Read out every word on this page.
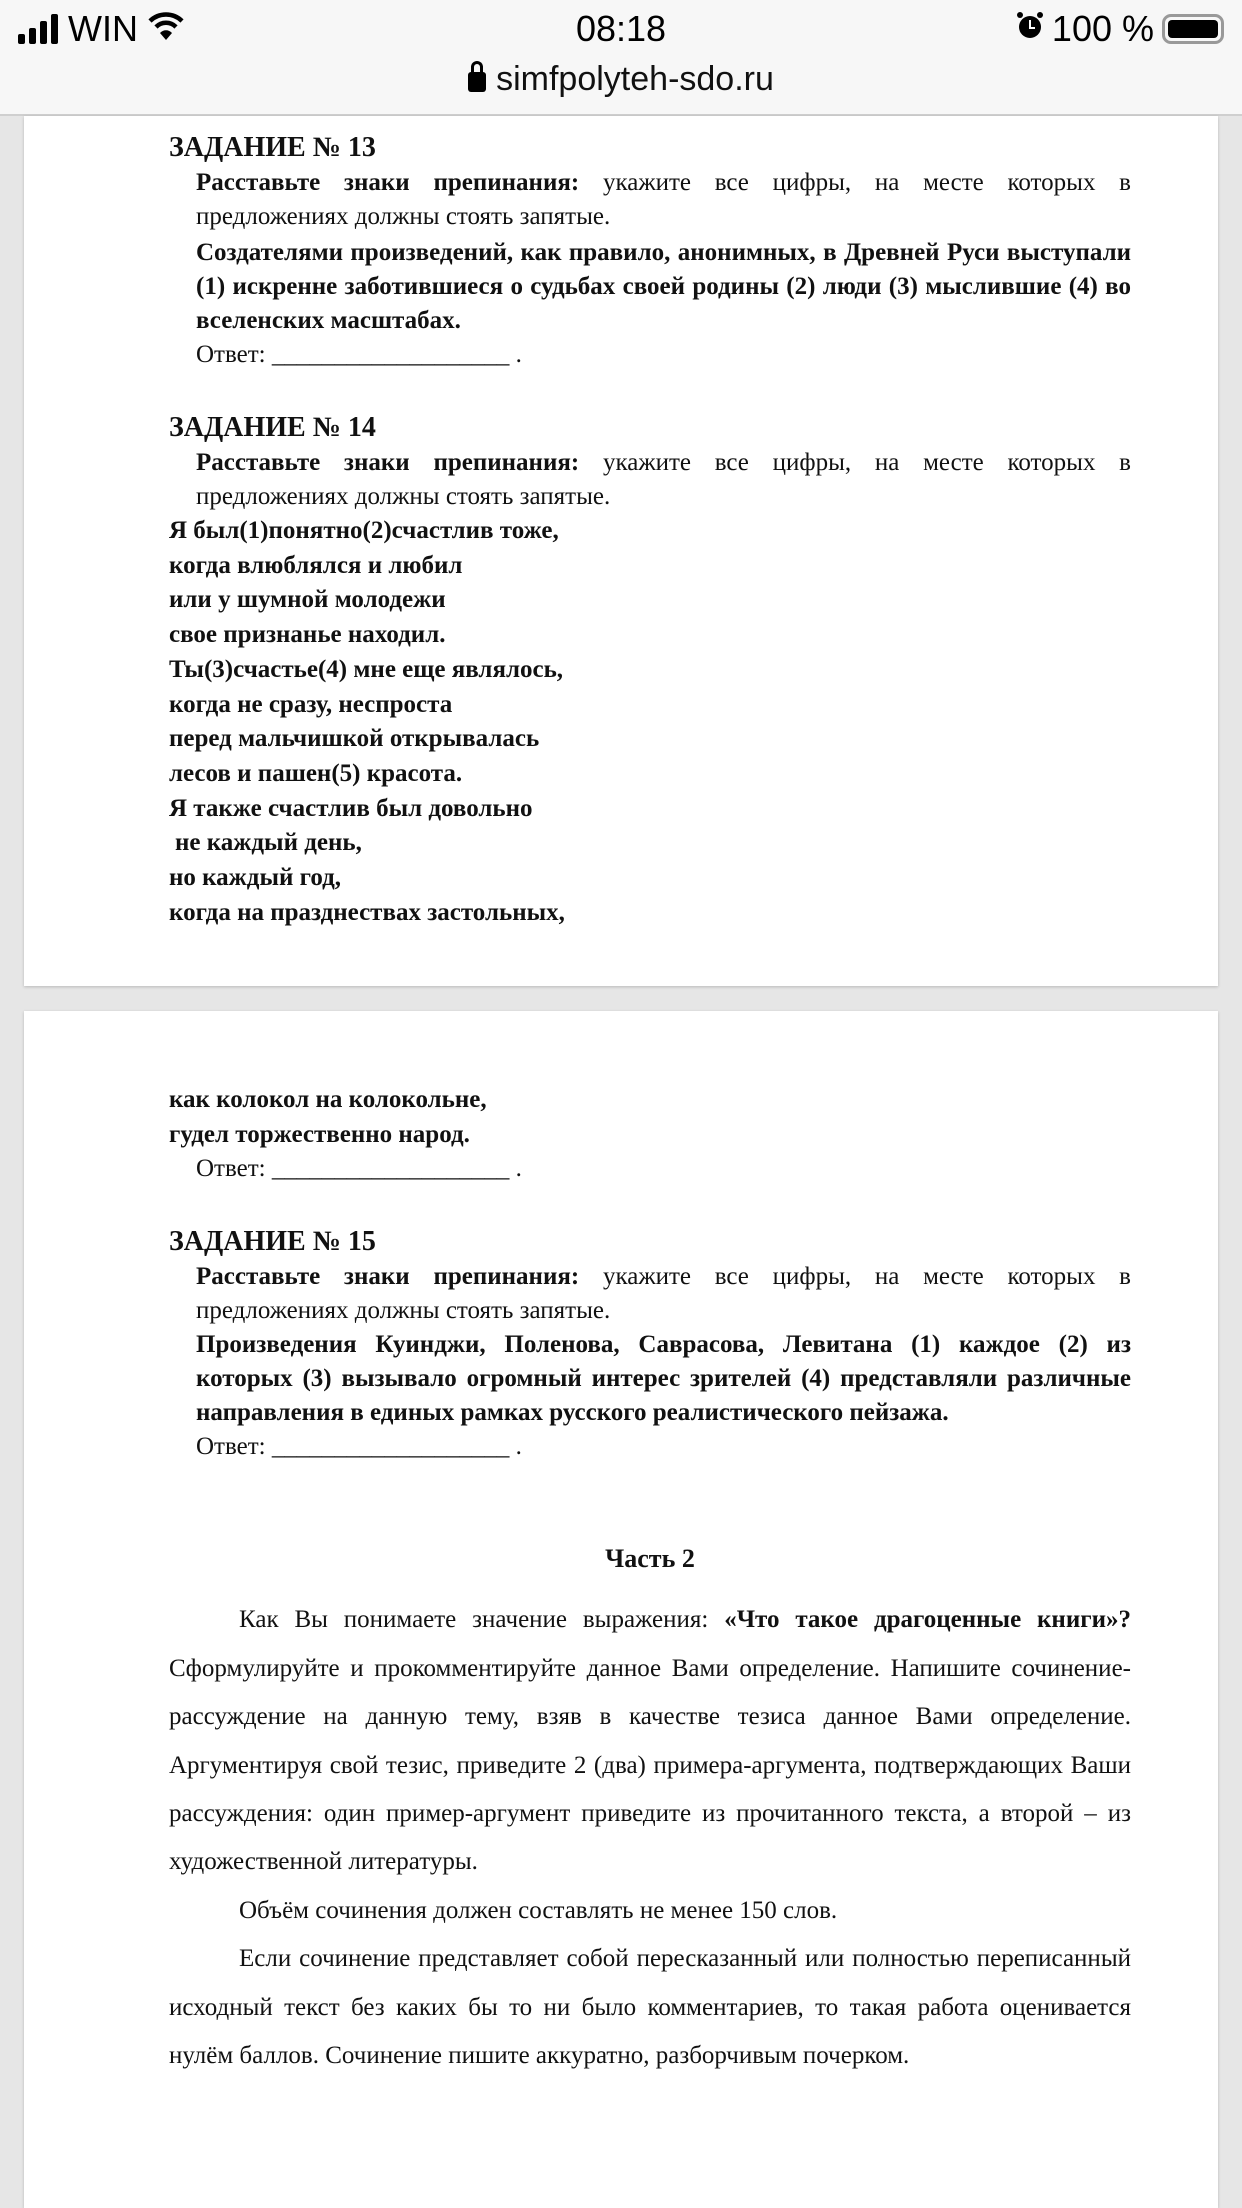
WIN	08:18	100 %
simfpolyteh-sdo.ru
ЗАДАНИЕ № 13
Расставьте знаки препинания: укажите все цифры, на месте которых в предложениях должны стоять запятые.
Создателями произведений, как правило, анонимных, в Древней Руси выступали (1) искренне заботившиеся о судьбах своей родины (2) люди (3) мыслившие (4) во вселенских масштабах.
Ответ: ___________________ .
ЗАДАНИЕ № 14
Расставьте знаки препинания: укажите все цифры, на месте которых в предложениях должны стоять запятые.
Я был(1)понятно(2)счастлив тоже,
когда влюблялся и любил
или у шумной молодежи
свое признанье находил.
Ты(3)счастье(4) мне еще являлось,
когда не сразу, неспроста
перед мальчишкой открывалась
лесов и пашен(5) красота.
Я также счастлив был довольно
не каждый день,
но каждый год,
когда на празднествах застольных,
как колокол на колокольне,
гудел торжественно народ.
Ответ: ___________________ .
ЗАДАНИЕ № 15
Расставьте знаки препинания: укажите все цифры, на месте которых в предложениях должны стоять запятые.
Произведения Куинджи, Поленова, Саврасова, Левитана (1) каждое (2) из которых (3) вызывало огромный интерес зрителей (4) представляли различные направления в единых рамках русского реалистического пейзажа.
Ответ: ___________________ .
Часть 2
Как Вы понимаете значение выражения: «Что такое драгоценные книги»? Сформулируйте и прокомментируйте данное Вами определение. Напишите сочинение-рассуждение на данную тему, взяв в качестве тезиса данное Вами определение. Аргументируя свой тезис, приведите 2 (два) примера-аргумента, подтверждающих Ваши рассуждения: один пример-аргумент приведите из прочитанного текста, а второй – из художественной литературы.
Объём сочинения должен составлять не менее 150 слов.
Если сочинение представляет собой пересказанный или полностью переписанный исходный текст без каких бы то ни было комментариев, то такая работа оценивается нулём баллов. Сочинение пишите аккуратно, разборчивым почерком.
